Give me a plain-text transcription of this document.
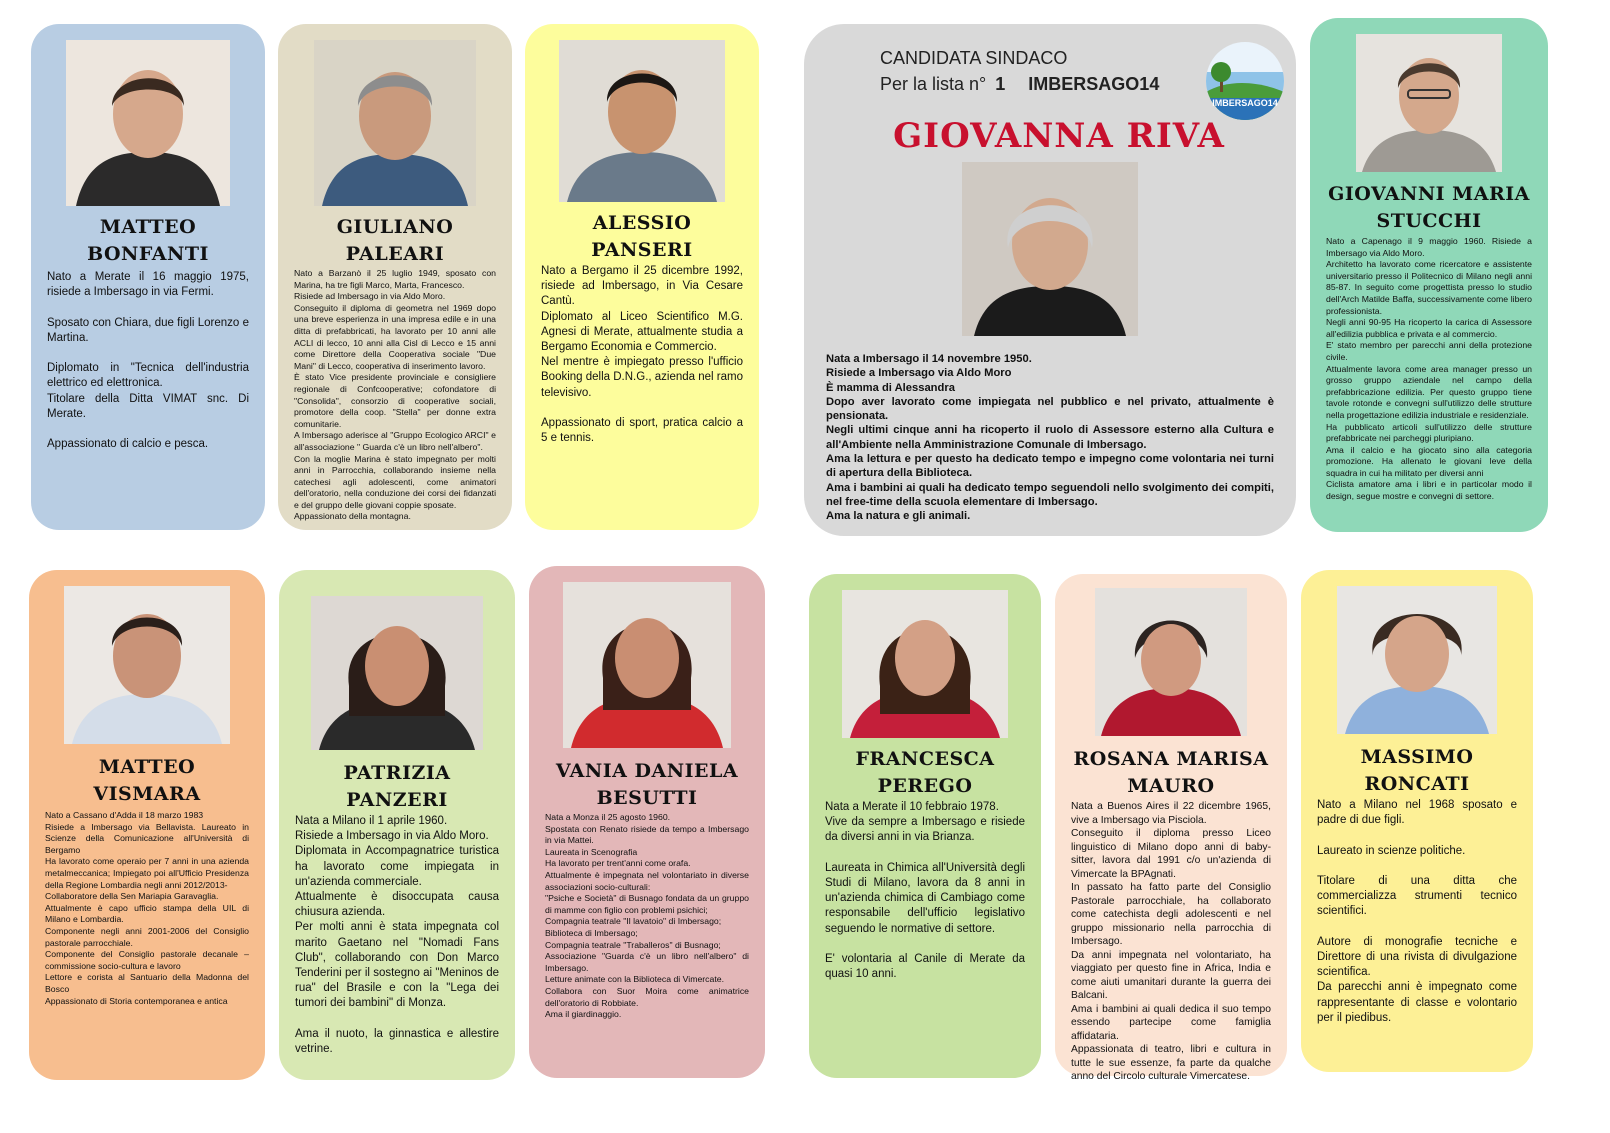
MATTEO
BONFANTI
Nato a Merate il 16 maggio 1975, risiede a Imbersago in via Fermi.

Sposato con Chiara, due figli Lorenzo e Martina.

Diplomato in "Tecnica dell'industria elettrico ed elettronica.
Titolare della Ditta VIMAT snc. Di Merate.

Appassionato di calcio e pesca.
GIULIANO
PALEARI
Nato a Barzanò il 25 luglio 1949, sposato con Marina, ha tre figli Marco, Marta, Francesco.
Risiede ad Imbersago in via Aldo Moro.
Conseguito il diploma di geometra nel 1969 dopo una breve esperienza in una impresa edile e in una ditta di prefabbricati, ha lavorato per 10 anni alle ACLI di lecco, 10 anni alla Cisl di Lecco e 15 anni come Direttore della Cooperativa sociale "Due Mani" di Lecco, cooperativa di inserimento lavoro.
È stato Vice presidente provinciale e consigliere regionale di Confcooperative; cofondatore di "Consolida", consorzio di cooperative sociali, promotore della coop. "Stella" per donne extra comunitarie.
A Imbersago aderisce al "Gruppo Ecologico ARCI" e all'associazione " Guarda c'è un libro nell'albero".
Con la moglie Marina è stato impegnato per molti anni in Parrocchia, collaborando insieme nella catechesi agli adolescenti, come animatori dell'oratorio, nella conduzione dei corsi dei fidanzati e del gruppo delle giovani coppie sposate.
Appassionato della montagna.
ALESSIO
PANSERI
Nato a Bergamo il 25 dicembre 1992, risiede ad Imbersago, in Via Cesare Cantù.
Diplomato al Liceo Scientifico M.G. Agnesi di Merate, attualmente studia a Bergamo Economia e Commercio.
Nel mentre è impiegato presso l'ufficio Booking della D.N.G., azienda nel ramo televisivo.

Appassionato di sport, pratica calcio a 5 e tennis.
CANDIDATA SINDACO
Per la lista n° 1 IMBERSAGO14
IMBERSAGO14
GIOVANNA RIVA
Nata a Imbersago il 14 novembre 1950.
Risiede a Imbersago via Aldo Moro
È mamma di Alessandra
Dopo aver lavorato come impiegata nel pubblico e nel privato, attualmente è pensionata.
Negli ultimi cinque anni ha ricoperto il ruolo di Assessore esterno alla Cultura e all'Ambiente nella Amministrazione Comunale di Imbersago.
Ama la lettura e per questo ha dedicato tempo e impegno come volontaria nei turni di apertura della Biblioteca.
Ama i bambini ai quali ha dedicato tempo seguendoli nello svolgimento dei compiti, nel free-time della scuola elementare di Imbersago.
Ama la natura e gli animali.
GIOVANNI MARIA
STUCCHI
Nato a Capenago il 9 maggio 1960. Risiede a Imbersago via Aldo Moro.
Architetto ha lavorato come ricercatore e assistente universitario presso il Politecnico di Milano negli anni 85-87. In seguito come progettista presso lo studio dell'Arch Matilde Baffa, successivamente come libero professionista.
Negli anni 90-95 Ha ricoperto la carica di Assessore all'edilizia pubblica e privata e al commercio.
E' stato membro per parecchi anni della protezione civile.
Attualmente lavora come area manager presso un grosso gruppo aziendale nel campo della prefabbricazione edilizia. Per questo gruppo tiene tavole rotonde e convegni sull'utilizzo delle strutture nella progettazione edilizia industriale e residenziale.
Ha pubblicato articoli sull'utilizzo delle strutture prefabbricate nei parcheggi pluripiano.
Ama il calcio e ha giocato sino alla categoria promozione. Ha allenato le giovani leve della squadra in cui ha militato per diversi anni
Ciclista amatore ama i libri e in particolar modo il design, segue mostre e convegni di settore.
MATTEO
VISMARA
Nato a Cassano d'Adda il 18 marzo 1983
Risiede a Imbersago via Bellavista. Laureato in Scienze della Comunicazione all'Università di Bergamo
Ha lavorato come operaio per 7 anni in una azienda metalmeccanica; Impiegato poi all'Ufficio Presidenza della Regione Lombardia negli anni 2012/2013-
Collaboratore della Sen Mariapia Garavaglia.
Attualmente è capo ufficio stampa della UIL di Milano e Lombardia.
Componente negli anni 2001-2006 del Consiglio pastorale parrocchiale.
Componente del Consiglio pastorale decanale – commissione socio-cultura e lavoro
Lettore e corista al Santuario della Madonna del Bosco
Appassionato di Storia contemporanea e antica
PATRIZIA
PANZERI
Nata a Milano il 1 aprile 1960.
Risiede a Imbersago in via Aldo Moro.
Diplomata in Accompagnatrice turistica ha lavorato come impiegata in un'azienda commerciale.
Attualmente è disoccupata causa chiusura azienda.
Per molti anni è stata impegnata col marito Gaetano nel "Nomadi Fans Club", collaborando con Don Marco Tenderini per il sostegno ai "Meninos de rua" del Brasile e con la "Lega dei tumori dei bambini" di Monza.

Ama il nuoto, la ginnastica e allestire vetrine.
VANIA DANIELA
BESUTTI
Nata a Monza il 25 agosto 1960.
Spostata con Renato risiede da tempo a Imbersago in via Mattei.
Laureata in Scenografia
Ha lavorato per trent'anni come orafa.
Attualmente è impegnata nel volontariato in diverse associazioni socio-culturali:
"Psiche e Società" di Busnago fondata da un gruppo di mamme con figlio con problemi psichici;
Compagnia teatrale "Il lavatoio" di Imbersago;
Biblioteca di Imbersago;
Compagnia teatrale "Traballeros" di Busnago;
Associazione "Guarda c'è un libro nell'albero" di Imbersago.
Letture animate con la Biblioteca di Vimercate.
Collabora con Suor Moira come animatrice dell'oratorio di Robbiate.
Ama il giardinaggio.
FRANCESCA
PEREGO
Nata a Merate il 10 febbraio 1978.
Vive da sempre a Imbersago e risiede da diversi anni in via Brianza.

Laureata in Chimica all'Università degli Studi di Milano, lavora da 8 anni in un'azienda chimica di Cambiago come responsabile dell'ufficio legislativo seguendo le normative di settore.

E' volontaria al Canile di Merate da quasi 10 anni.
ROSANA MARISA
MAURO
Nata a Buenos Aires il 22 dicembre 1965, vive a Imbersago via Pisciola.
Conseguito il diploma presso Liceo linguistico di Milano dopo anni di baby-sitter, lavora dal 1991 c/o un'azienda di Vimercate la BPAgnati.
In passato ha fatto parte del Consiglio Pastorale parrocchiale, ha collaborato come catechista degli adolescenti e nel gruppo missionario nella parrocchia di Imbersago.
Da anni impegnata nel volontariato, ha viaggiato per questo fine in Africa, India e come aiuti umanitari durante la guerra dei Balcani.
Ama i bambini ai quali dedica il suo tempo essendo partecipe come famiglia affidataria.
Appassionata di teatro, libri e cultura in tutte le sue essenze, fa parte da qualche anno del Circolo culturale Vimercatese.
MASSIMO
RONCATI
Nato a Milano nel 1968 sposato e padre di due figli.

Laureato in scienze politiche.

Titolare di una ditta che commercializza strumenti tecnico scientifici.

Autore di monografie tecniche e Direttore di una rivista di divulgazione scientifica.
Da parecchi anni è impegnato come rappresentante di classe e volontario per il piedibus.
